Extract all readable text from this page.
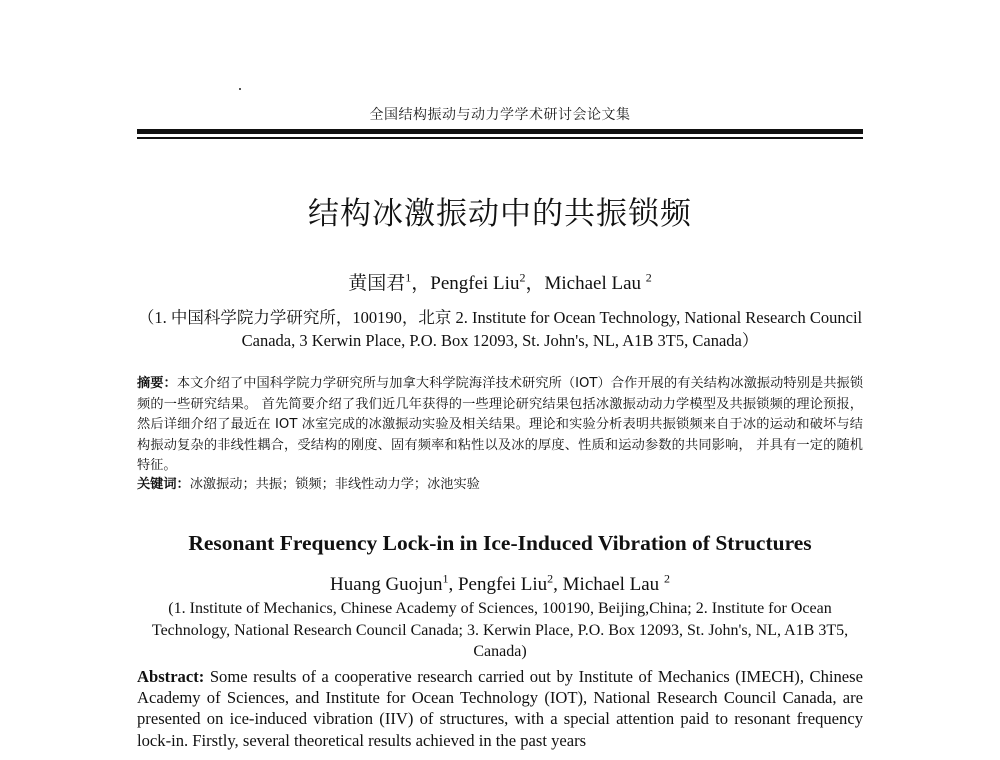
全国结构振动与动力学学术研讨会论文集
结构冰激振动中的共振锁频
黄国君$^1$，Pengfei Liu$^2$，Michael Lau $^2$
（1. 中国科学院力学研究所，100190，北京 2. Institute for Ocean Technology, National Research Council Canada, 3 Kerwin Place, P.O. Box 12093, St. John's, NL, A1B 3T5, Canada）
摘要：本文介绍了中国科学院力学研究所与加拿大科学院海洋技术研究所（IOT）合作开展的有关结构冰激振动特别是共振锁频的一些研究结果。 首先简要介绍了我们近几年获得的一些理论研究结果包括冰激振动动力学模型及共振锁频的理论预报， 然后详细介绍了最近在 IOT 冰室完成的冰激振动实验及相关结果。理论和实验分析表明共振锁频来自于冰的运动和破坏与结构振动复杂的非线性耦合，受结构的刚度、固有频率和粘性以及冰的厚度、性质和运动参数的共同影响， 并具有一定的随机特征。
关键词：冰激振动；共振；锁频；非线性动力学；冰池实验
Resonant Frequency Lock-in in Ice-Induced Vibration of Structures
Huang Guojun$^1$, Pengfei Liu$^2$, Michael Lau $^2$
(1. Institute of Mechanics, Chinese Academy of Sciences, 100190, Beijing,China; 2. Institute for Ocean Technology, National Research Council Canada; 3. Kerwin Place, P.O. Box 12093, St. John's, NL, A1B 3T5, Canada)
Abstract: Some results of a cooperative research carried out by Institute of Mechanics (IMECH), Chinese Academy of Sciences, and Institute for Ocean Technology (IOT), National Research Council Canada, are presented on ice-induced vibration (IIV) of structures, with a special attention paid to resonant frequency lock-in. Firstly, several theoretical results achieved in the past years
